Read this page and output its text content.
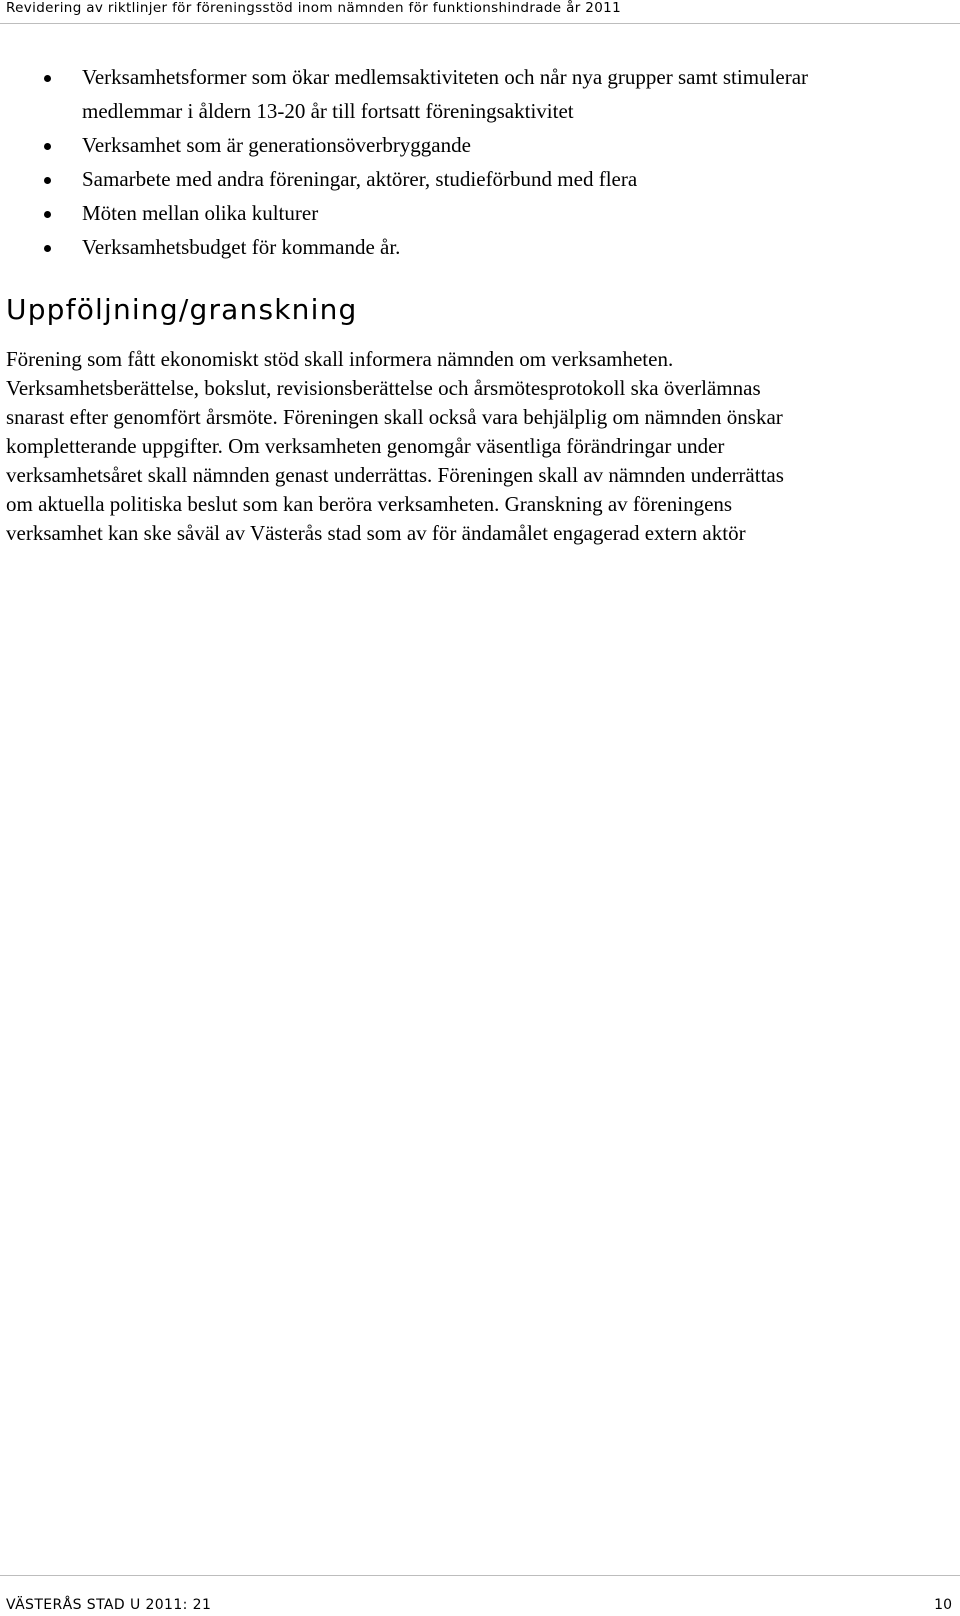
Revidering av riktlinjer för föreningsstöd inom nämnden för funktionshindrade år 2011
Verksamhetsformer som ökar medlemsaktiviteten och når nya grupper samt stimulerar
medlemmar i åldern 13-20 år till fortsatt föreningsaktivitet
Verksamhet som är generationsöverbryggande
Samarbete med andra föreningar, aktörer, studieförbund med flera
Möten mellan olika kulturer
Verksamhetsbudget för kommande år.
Uppföljning/granskning

Förening som fått ekonomiskt stöd skall informera nämnden om verksamheten.
Verksamhetsberättelse, bokslut, revisionsberättelse och årsmötesprotokoll ska överlämnas
snarast efter genomfört årsmöte. Föreningen skall också vara behjälplig om nämnden önskar
kompletterande uppgifter. Om verksamheten genomgår väsentliga förändringar under
verksamhetsåret skall nämnden genast underrättas. Föreningen skall av nämnden underrättas
om aktuella politiska beslut som kan beröra verksamheten. Granskning av föreningens
verksamhet kan ske såväl av Västerås stad som av för ändamålet engagerad extern aktör

VÄSTERÅS STAD U 2011: 21	10
